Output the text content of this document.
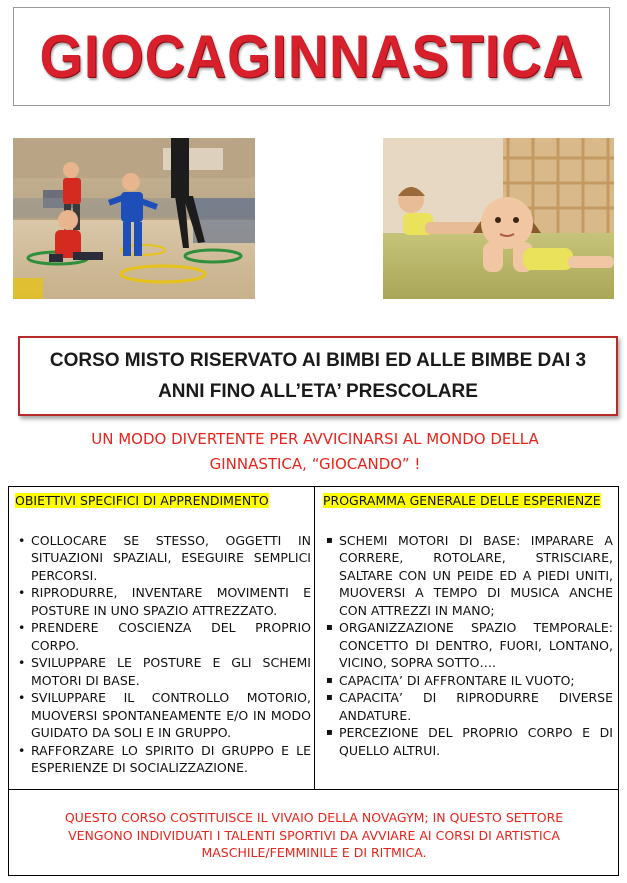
GIOCAGINNASTICA
CORSO MISTO RISERVATO AI BIMBI ED ALLE BIMBE DAI 3
ANNI FINO ALL’ETA’ PRESCOLARE
UN MODO DIVERTENTE PER AVVICINARSI AL MONDO DELLA
GINNASTICA, “GIOCANDO” !
OBIETTIVI SPECIFICI DI APPRENDIMENTO
• COLLOCARE SE STESSO, OGGETTI IN SITUAZIONI SPAZIALI, ESEGUIRE SEMPLICI PERCORSI.
• RIPRODURRE, INVENTARE MOVIMENTI E POSTURE IN UNO SPAZIO ATTREZZATO.
• PRENDERE COSCIENZA DEL PROPRIO CORPO.
• SVILUPPARE LE POSTURE E GLI SCHEMI MOTORI DI BASE.
• SVILUPPARE IL CONTROLLO MOTORIO, MUOVERSI SPONTANEAMENTE E/O IN MODO GUIDATO DA SOLI E IN GRUPPO.
• RAFFORZARE LO SPIRITO DI GRUPPO E LE ESPERIENZE DI SOCIALIZZAZIONE.
PROGRAMMA GENERALE DELLE ESPERIENZE
▪ SCHEMI MOTORI DI BASE: IMPARARE A CORRERE, ROTOLARE, STRISCIARE, SALTARE CON UN PEIDE ED A PIEDI UNITI, MUOVERSI A TEMPO DI MUSICA ANCHE CON ATTREZZI IN MANO;
▪ ORGANIZZAZIONE SPAZIO TEMPORALE: CONCETTO DI DENTRO, FUORI, LONTANO, VICINO, SOPRA SOTTO….
▪ CAPACITA’ DI AFFRONTARE IL VUOTO;
▪ CAPACITA’ DI RIPRODURRE DIVERSE ANDATURE.
▪ PERCEZIONE DEL PROPRIO CORPO E DI QUELLO ALTRUI.
QUESTO CORSO COSTITUISCE IL VIVAIO DELLA NOVAGYM; IN QUESTO SETTORE
VENGONO INDIVIDUATI I TALENTI SPORTIVI DA AVVIARE AI CORSI DI ARTISTICA
MASCHILE/FEMMINILE E DI RITMICA.
